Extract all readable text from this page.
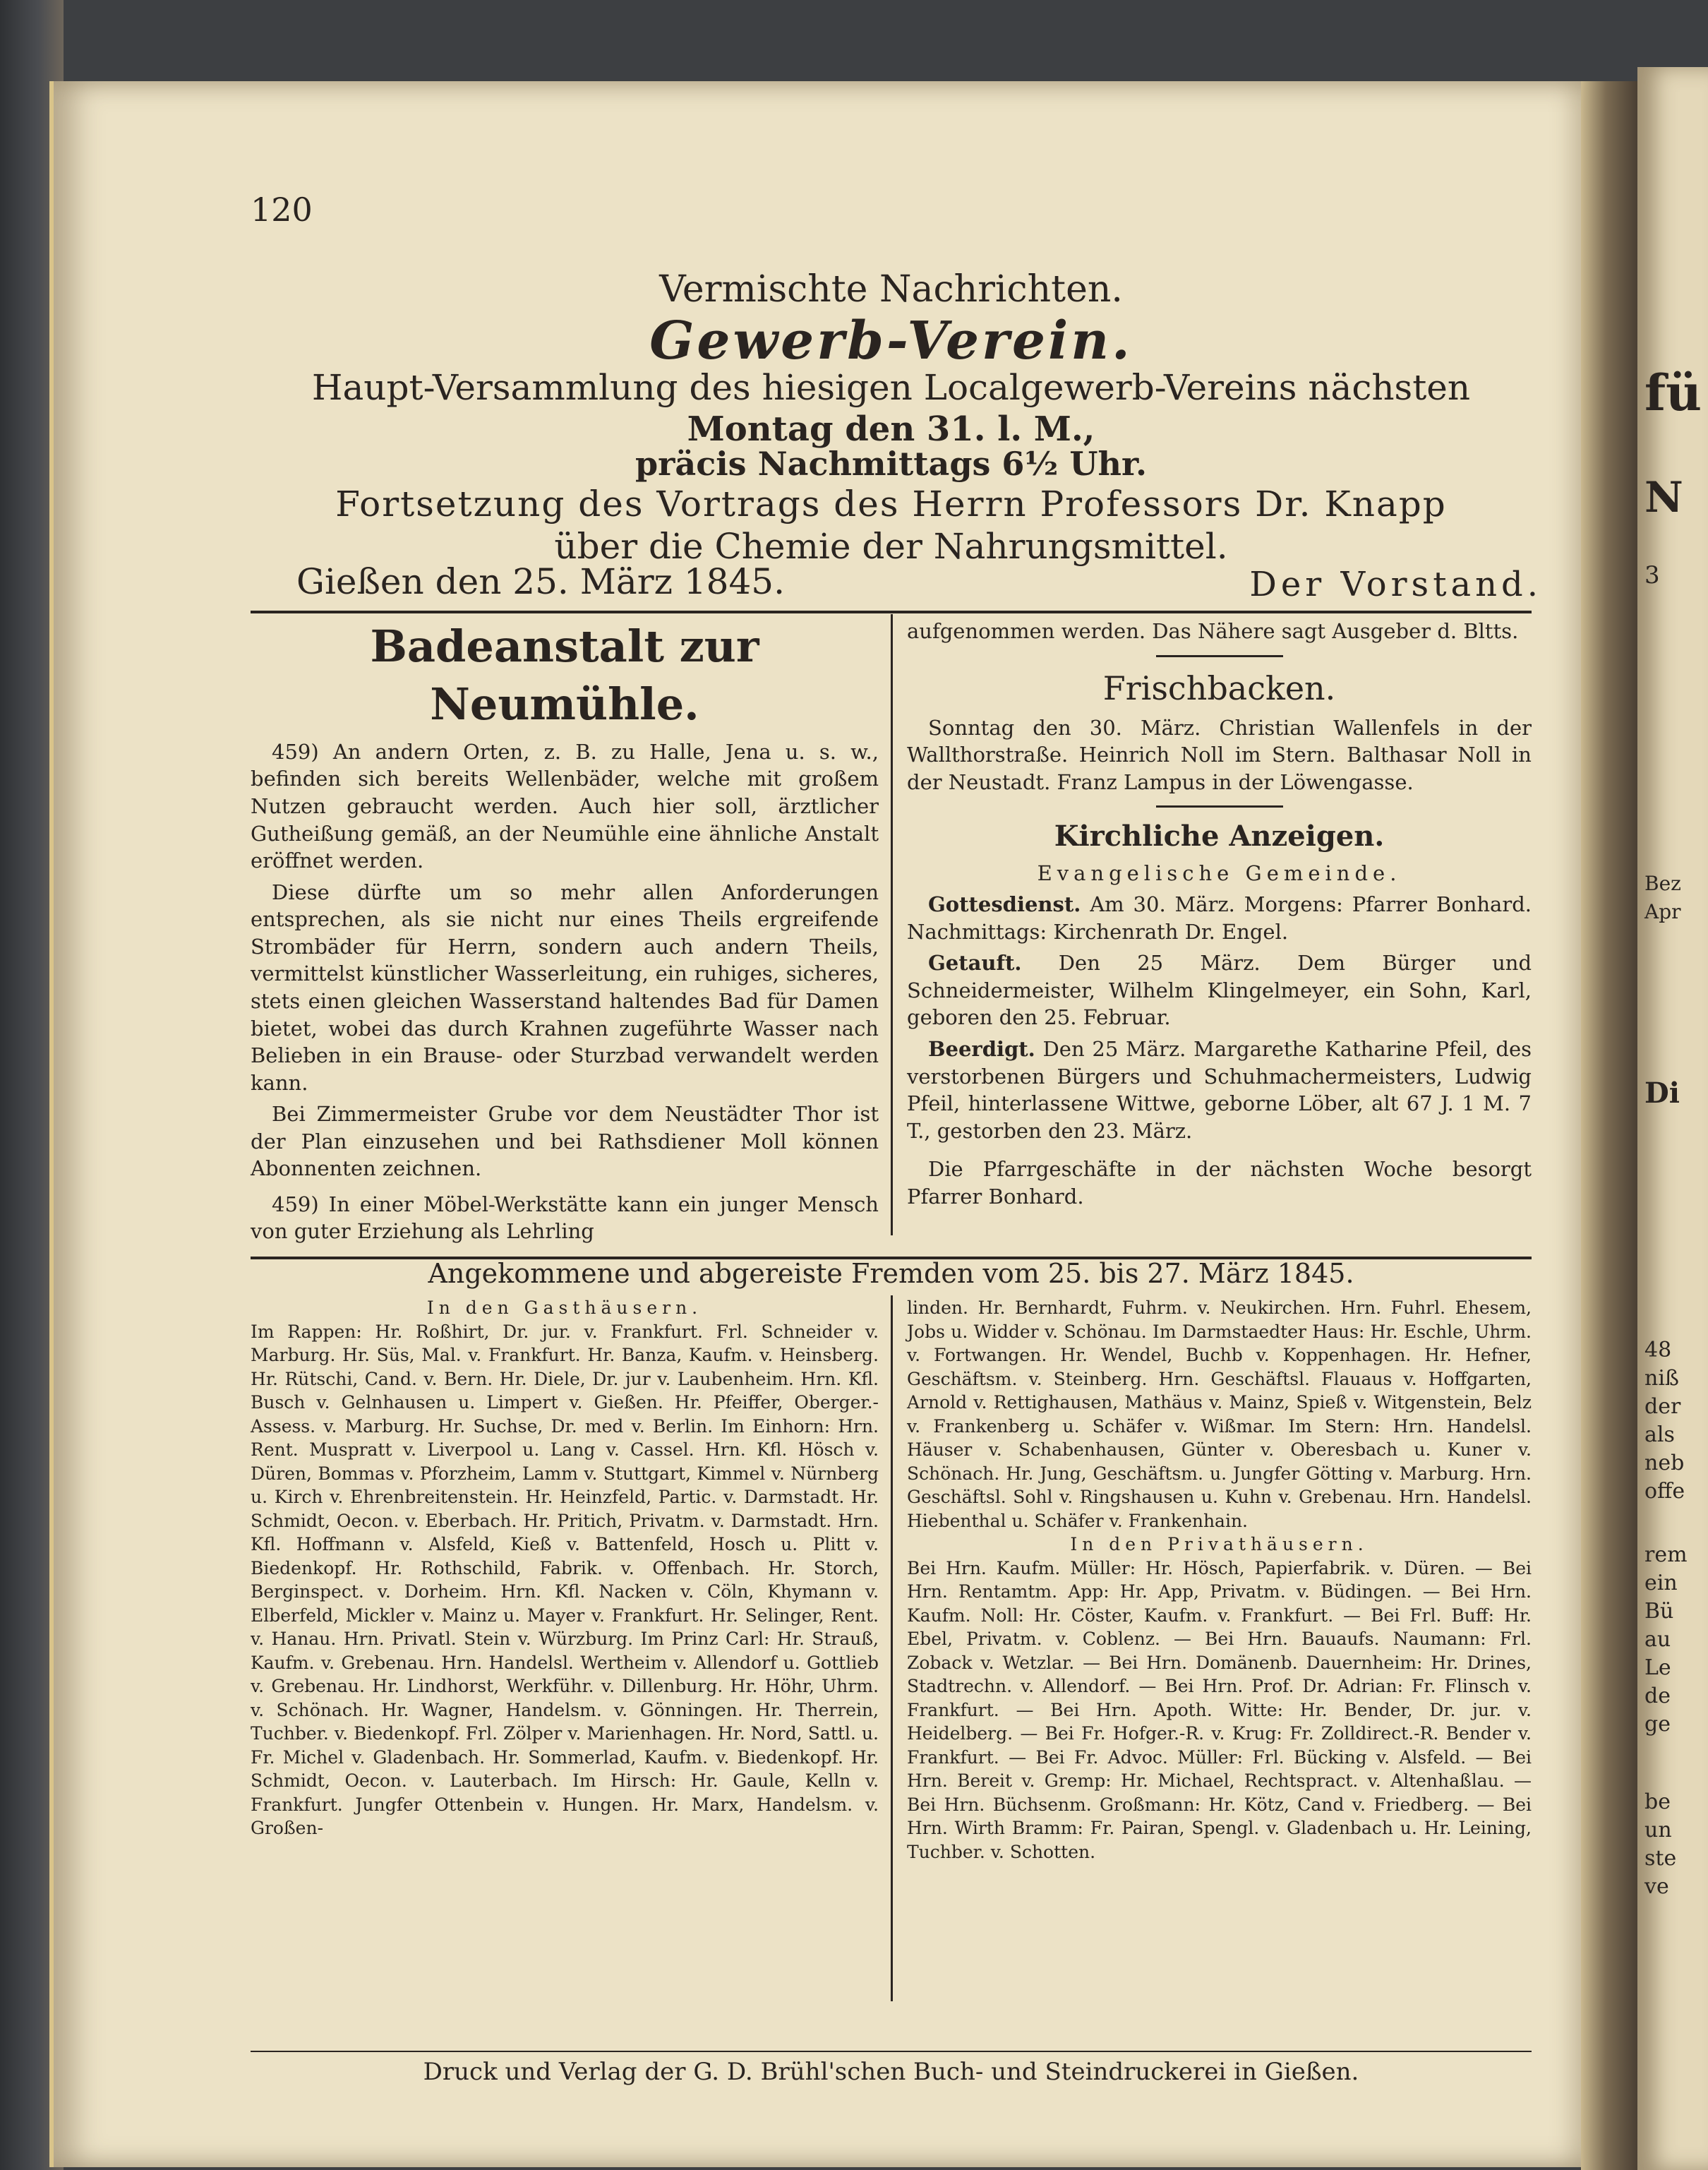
120
Vermischte Nachrichten.
Gewerb-Verein.
Haupt-Versammlung des hiesigen Localgewerb-Vereins nächsten
Montag den 31. l. M.,
präcis Nachmittags 6½ Uhr.
Fortsetzung des Vortrags des Herrn Professors Dr. Knapp
über die Chemie der Nahrungsmittel.
Gießen den 25. März 1845.	Der Vorstand.

Badeanstalt zur Neumühle.

459) An andern Orten, z. B. zu Halle, Jena u. s. w., befinden sich bereits Wellenbäder, welche mit großem Nutzen gebraucht werden. Auch hier soll, ärztlicher Gutheißung gemäß, an der Neumühle eine ähnliche Anstalt eröffnet werden.

Diese dürfte um so mehr allen Anforderungen entsprechen, als sie nicht nur eines Theils ergreifende Strombäder für Herrn, sondern auch andern Theils, vermittelst künstlicher Wasserleitung, ein ruhiges, sicheres, stets einen gleichen Wasserstand haltendes Bad für Damen bietet, wobei das durch Krahnen zugeführte Wasser nach Belieben in ein Brause- oder Sturzbad verwandelt werden kann.

Bei Zimmermeister Grube vor dem Neustädter Thor ist der Plan einzusehen und bei Rathsdiener Moll können Abonnenten zeichnen.

459) In einer Möbel-Werkstätte kann ein junger Mensch von guter Erziehung als Lehrling

aufgenommen werden. Das Nähere sagt Ausgeber d. Bltts.

Frischbacken.

Sonntag den 30. März. Christian Wallenfels in der Wallthorstraße. Heinrich Noll im Stern. Balthasar Noll in der Neustadt. Franz Lampus in der Löwengasse.

Kirchliche Anzeigen.

Evangelische Gemeinde.

Gottesdienst. Am 30. März. Morgens: Pfarrer Bonhard. Nachmittags: Kirchenrath Dr. Engel.

Getauft. Den 25 März. Dem Bürger und Schneidermeister, Wilhelm Klingelmeyer, ein Sohn, Karl, geboren den 25. Februar.

Beerdigt. Den 25 März. Margarethe Katharine Pfeil, des verstorbenen Bürgers und Schuhmachermeisters, Ludwig Pfeil, hinterlassene Wittwe, geborne Löber, alt 67 J. 1 M. 7 T., gestorben den 23. März.

Die Pfarrgeschäfte in der nächsten Woche besorgt Pfarrer Bonhard.

Angekommene und abgereiste Fremden vom 25. bis 27. März 1845.

In den Gasthäusern.

Im Rappen: Hr. Roßhirt, Dr. jur. v. Frankfurt. Frl. Schneider v. Marburg. Hr. Süs, Mal. v. Frankfurt. Hr. Banza, Kaufm. v. Heinsberg. Hr. Rütschi, Cand. v. Bern. Hr. Diele, Dr. jur v. Laubenheim. Hrn. Kfl. Busch v. Gelnhausen u. Limpert v. Gießen. Hr. Pfeiffer, Oberger.-Assess. v. Marburg. Hr. Suchse, Dr. med v. Berlin. Im Einhorn: Hrn. Rent. Muspratt v. Liverpool u. Lang v. Cassel. Hrn. Kfl. Hösch v. Düren, Bommas v. Pforzheim, Lamm v. Stuttgart, Kimmel v. Nürnberg u. Kirch v. Ehrenbreitenstein. Hr. Heinzfeld, Partic. v. Darmstadt. Hr. Schmidt, Oecon. v. Eberbach. Hr. Pritich, Privatm. v. Darmstadt. Hrn. Kfl. Hoffmann v. Alsfeld, Kieß v. Battenfeld, Hosch u. Plitt v. Biedenkopf. Hr. Rothschild, Fabrik. v. Offenbach. Hr. Storch, Berginspect. v. Dorheim. Hrn. Kfl. Nacken v. Cöln, Khymann v. Elberfeld, Mickler v. Mainz u. Mayer v. Frankfurt. Hr. Selinger, Rent. v. Hanau. Hrn. Privatl. Stein v. Würzburg. Im Prinz Carl: Hr. Strauß, Kaufm. v. Grebenau. Hrn. Handelsl. Wertheim v. Allendorf u. Gottlieb v. Grebenau. Hr. Lindhorst, Werkführ. v. Dillenburg. Hr. Höhr, Uhrm. v. Schönach. Hr. Wagner, Handelsm. v. Gönningen. Hr. Therrein, Tuchber. v. Biedenkopf. Frl. Zölper v. Marienhagen. Hr. Nord, Sattl. u. Fr. Michel v. Gladenbach. Hr. Sommerlad, Kaufm. v. Biedenkopf. Hr. Schmidt, Oecon. v. Lauterbach. Im Hirsch: Hr. Gaule, Kelln v. Frankfurt. Jungfer Ottenbein v. Hungen. Hr. Marx, Handelsm. v. Großen-

linden. Hr. Bernhardt, Fuhrm. v. Neukirchen. Hrn. Fuhrl. Ehesem, Jobs u. Widder v. Schönau. Im Darmstaedter Haus: Hr. Eschle, Uhrm. v. Fortwangen. Hr. Wendel, Buchb v. Koppenhagen. Hr. Hefner, Geschäftsm. v. Steinberg. Hrn. Geschäftsl. Flauaus v. Hoffgarten, Arnold v. Rettighausen, Mathäus v. Mainz, Spieß v. Witgenstein, Belz v. Frankenberg u. Schäfer v. Wißmar. Im Stern: Hrn. Handelsl. Häuser v. Schabenhausen, Günter v. Oberesbach u. Kuner v. Schönach. Hr. Jung, Geschäftsm. u. Jungfer Götting v. Marburg. Hrn. Geschäftsl. Sohl v. Ringshausen u. Kuhn v. Grebenau. Hrn. Handelsl. Hiebenthal u. Schäfer v. Frankenhain.

In den Privathäusern.

Bei Hrn. Kaufm. Müller: Hr. Hösch, Papierfabrik. v. Düren. — Bei Hrn. Rentamtm. App: Hr. App, Privatm. v. Büdingen. — Bei Hrn. Kaufm. Noll: Hr. Cöster, Kaufm. v. Frankfurt. — Bei Frl. Buff: Hr. Ebel, Privatm. v. Coblenz. — Bei Hrn. Bauaufs. Naumann: Frl. Zoback v. Wetzlar. — Bei Hrn. Domänenb. Dauernheim: Hr. Drines, Stadtrechn. v. Allendorf. — Bei Hrn. Prof. Dr. Adrian: Fr. Flinsch v. Frankfurt. — Bei Hrn. Apoth. Witte: Hr. Bender, Dr. jur. v. Heidelberg. — Bei Fr. Hofger.-R. v. Krug: Fr. Zolldirect.-R. Bender v. Frankfurt. — Bei Fr. Advoc. Müller: Frl. Bücking v. Alsfeld. — Bei Hrn. Bereit v. Gremp: Hr. Michael, Rechtspract. v. Altenhaßlau. — Bei Hrn. Büchsenm. Großmann: Hr. Kötz, Cand v. Friedberg. — Bei Hrn. Wirth Bramm: Fr. Pairan, Spengl. v. Gladenbach u. Hr. Leining, Tuchber. v. Schotten.

Druck und Verlag der G. D. Brühl'schen Buch- und Steindruckerei in Gießen.
fü
N
3
Bez
Apr
Di
48
niß
der
als
neb
offe
rem
ein
Bü
au
Le
de
ge
be
un
ste
ve
